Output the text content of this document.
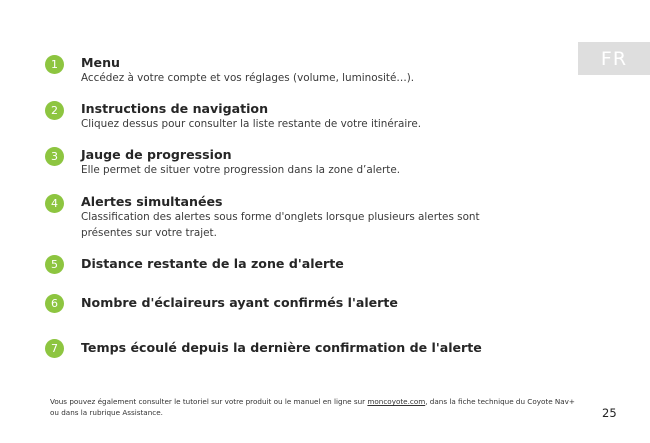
FR
1	Menu
Accédez à votre compte et vos réglages (volume, luminosité…).
2	Instructions de navigation
Cliquez dessus pour consulter la liste restante de votre itinéraire.
3	Jauge de progression
Elle permet de situer votre progression dans la zone d’alerte.
4	Alertes simultanées
Classification des alertes sous forme d'onglets lorsque plusieurs alertes sont présentes sur votre trajet.
5	Distance restante de la zone d'alerte
6	Nombre d'éclaireurs ayant confirmés l'alerte
7	Temps écoulé depuis la dernière confirmation de l'alerte
Vous pouvez également consulter le tutoriel sur votre produit ou le manuel en ligne sur moncoyote.com, dans la fiche technique du Coyote Nav+ ou dans la rubrique Assistance.	25
